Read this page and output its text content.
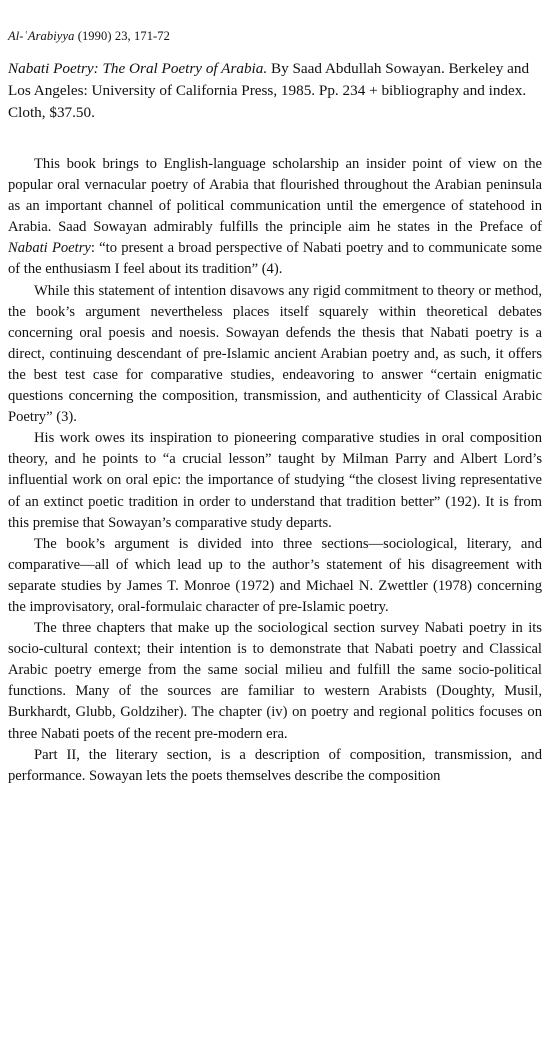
Al-ʿArabiyya (1990) 23, 171-72
Nabati Poetry: The Oral Poetry of Arabia. By Saad Abdullah Sowayan. Berkeley and Los Angeles: University of California Press, 1985. Pp. 234 + bibliography and index. Cloth, $37.50.

This book brings to English-language scholarship an insider point of view on the popular oral vernacular poetry of Arabia that flourished throughout the Arabian peninsula as an important channel of political communication until the emergence of statehood in Arabia. Saad Sowayan admirably fulfills the principle aim he states in the Preface of Nabati Poetry: “to present a broad perspective of Nabati poetry and to communicate some of the enthusiasm I feel about its tradition” (4).

While this statement of intention disavows any rigid commitment to theory or method, the book’s argument nevertheless places itself squarely within theoretical debates concerning oral poesis and noesis. Sowayan defends the thesis that Nabati poetry is a direct, continuing descendant of pre-Islamic ancient Arabian poetry and, as such, it offers the best test case for comparative studies, endeavoring to answer “certain enigmatic questions concerning the composition, transmission, and authenticity of Classical Arabic Poetry” (3).

His work owes its inspiration to pioneering comparative studies in oral composition theory, and he points to “a crucial lesson” taught by Milman Parry and Albert Lord’s influential work on oral epic: the importance of studying “the closest living representative of an extinct poetic tradition in order to understand that tradition better” (192). It is from this premise that Sowayan’s comparative study departs.

The book’s argument is divided into three sections—sociological, literary, and comparative—all of which lead up to the author’s statement of his disagreement with separate studies by James T. Monroe (1972) and Michael N. Zwettler (1978) concerning the improvisatory, oral-formulaic character of pre-Islamic poetry.

The three chapters that make up the sociological section survey Nabati poetry in its socio-cultural context; their intention is to demonstrate that Nabati poetry and Classical Arabic poetry emerge from the same social milieu and fulfill the same socio-political functions. Many of the sources are familiar to western Arabists (Doughty, Musil, Burkhardt, Glubb, Goldziher). The chapter (iv) on poetry and regional politics focuses on three Nabati poets of the recent pre-modern era.

Part II, the literary section, is a description of composition, transmission, and performance. Sowayan lets the poets themselves describe the composition
